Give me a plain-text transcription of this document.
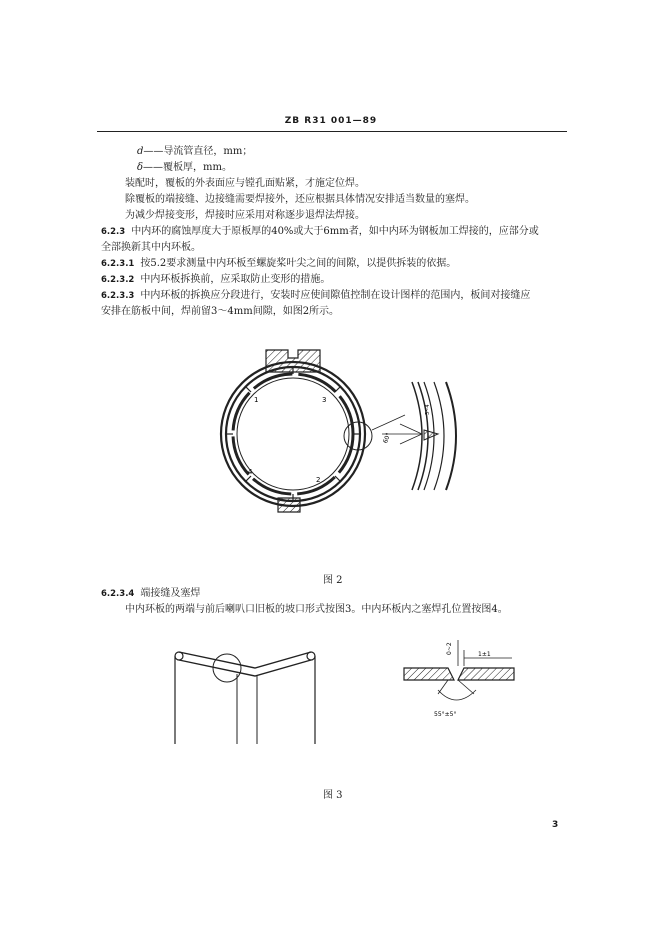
ZB R31 001—89
d——导流管直径，mm；
δ——覆板厚，mm。
装配时，覆板的外表面应与镗孔面贴紧，才施定位焊。
除覆板的端接缝、边接缝需要焊接外，还应根据具体情况安排适当数量的塞焊。
为减少焊接变形，焊接时应采用对称逐步退焊法焊接。
6.2.3 中内环的腐蚀厚度大于原板厚的40%或大于6mm者，如中内环为钢板加工焊接的，应部分或
全部换新其中内环板。
6.2.3.1 按5.2要求测量中内环板至螺旋桨叶尖之间的间隙，以提供拆装的依据。
6.2.3.2 中内环板拆换前，应采取防止变形的措施。
6.2.3.3 中内环板的拆换应分段进行，安装时应使间隙值控制在设计图样的范围内，板间对接缝应
安排在筋板中间，焊前留3～4mm间隙，如图2所示。
1	3
4
2
60°
3~4
图 2
6.2.3.4 端接缝及塞焊
中内环板的两端与前后喇叭口旧板的坡口形式按图3。中内环板内之塞焊孔位置按图4。
1±1
0~2
55°±5°
图 3
3
